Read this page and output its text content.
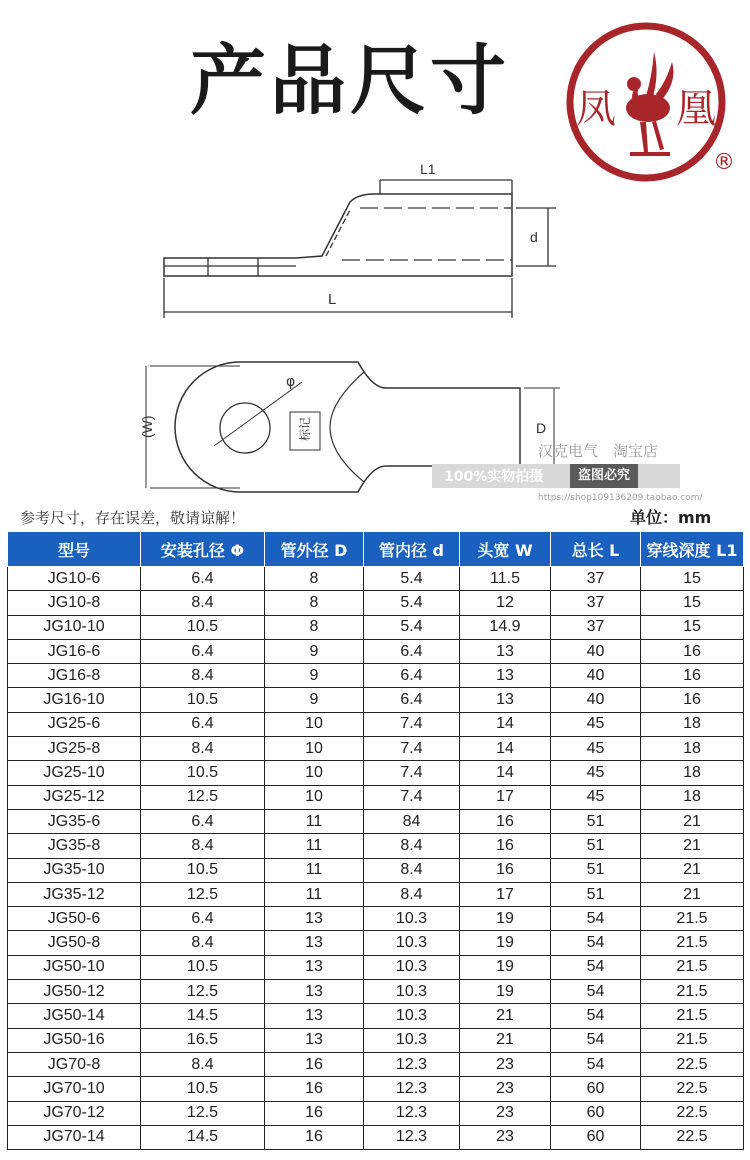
产品尺寸	凤 凰
®
L1
d
L
φ
(W)	标记	D
汉克电气　淘宝店
100%实物拍摄	盗图必究
https://shop109136209.taobao.com/
参考尺寸，存在误差，敬请谅解！	单位：mm
型号	安装孔径 Φ	管外径 D	管内径 d	头宽 W	总长 L	穿线深度 L1
JG10-6	6.4	8	5.4	11.5	37	15
JG10-8	8.4	8	5.4	12	37	15
JG10-10	10.5	8	5.4	14.9	37	15
JG16-6	6.4	9	6.4	13	40	16
JG16-8	8.4	9	6.4	13	40	16
JG16-10	10.5	9	6.4	13	40	16
JG25-6	6.4	10	7.4	14	45	18
JG25-8	8.4	10	7.4	14	45	18
JG25-10	10.5	10	7.4	14	45	18
JG25-12	12.5	10	7.4	17	45	18
JG35-6	6.4	11	84	16	51	21
JG35-8	8.4	11	8.4	16	51	21
JG35-10	10.5	11	8.4	16	51	21
JG35-12	12.5	11	8.4	17	51	21
JG50-6	6.4	13	10.3	19	54	21.5
JG50-8	8.4	13	10.3	19	54	21.5
JG50-10	10.5	13	10.3	19	54	21.5
JG50-12	12.5	13	10.3	19	54	21.5
JG50-14	14.5	13	10.3	21	54	21.5
JG50-16	16.5	13	10.3	21	54	21.5
JG70-8	8.4	16	12.3	23	54	22.5
JG70-10	10.5	16	12.3	23	60	22.5
JG70-12	12.5	16	12.3	23	60	22.5
JG70-14	14.5	16	12.3	23	60	22.5
